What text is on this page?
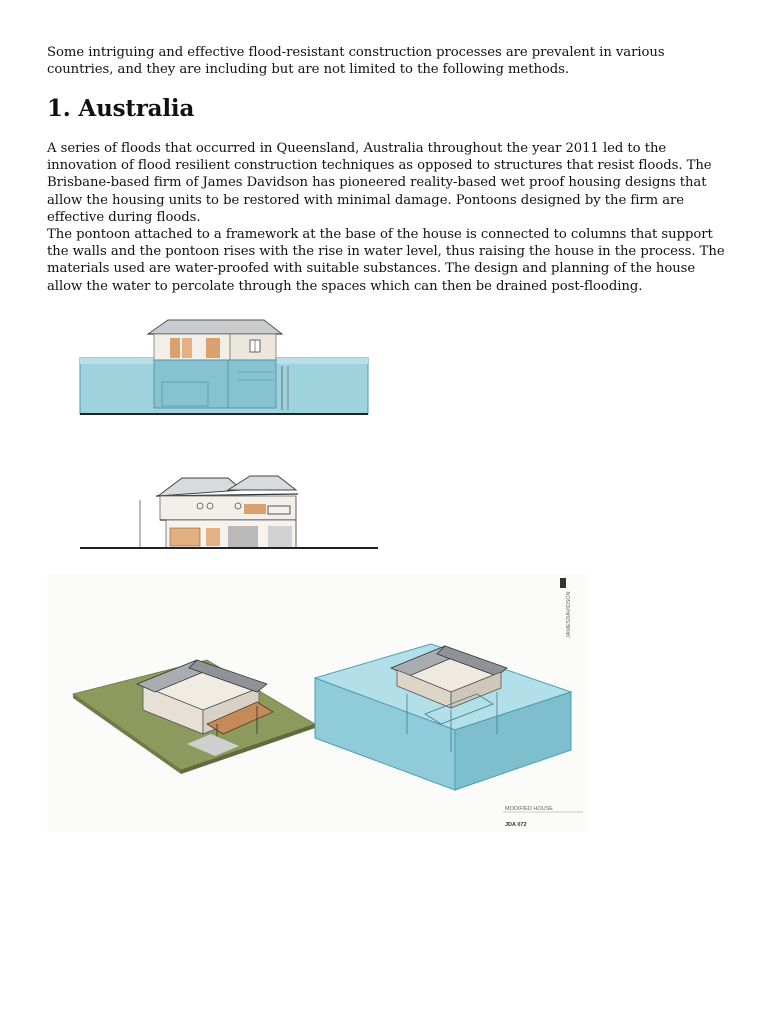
Some intriguing and effective flood-resistant construction processes are prevalent in various countries, and they are including but are not limited to the following methods.

1. Australia

A series of floods that occurred in Queensland, Australia throughout the year 2011 led to the innovation of flood resilient construction techniques as opposed to structures that resist floods. The Brisbane-based firm of James Davidson has pioneered reality-based wet proof housing designs that allow the housing units to be restored with minimal damage. Pontoons designed by the firm are effective during floods.

The pontoon attached to a framework at the base of the house is connected to columns that support the walls and the pontoon rises with the rise in water level, thus raising the house in the process. The materials used are water-proofed with suitable substances. The design and planning of the house allow the water to percolate through the spaces which can then be drained post-flooding.

JAMESDAVIDSON
MODIFIED HOUSE
JDA 072
